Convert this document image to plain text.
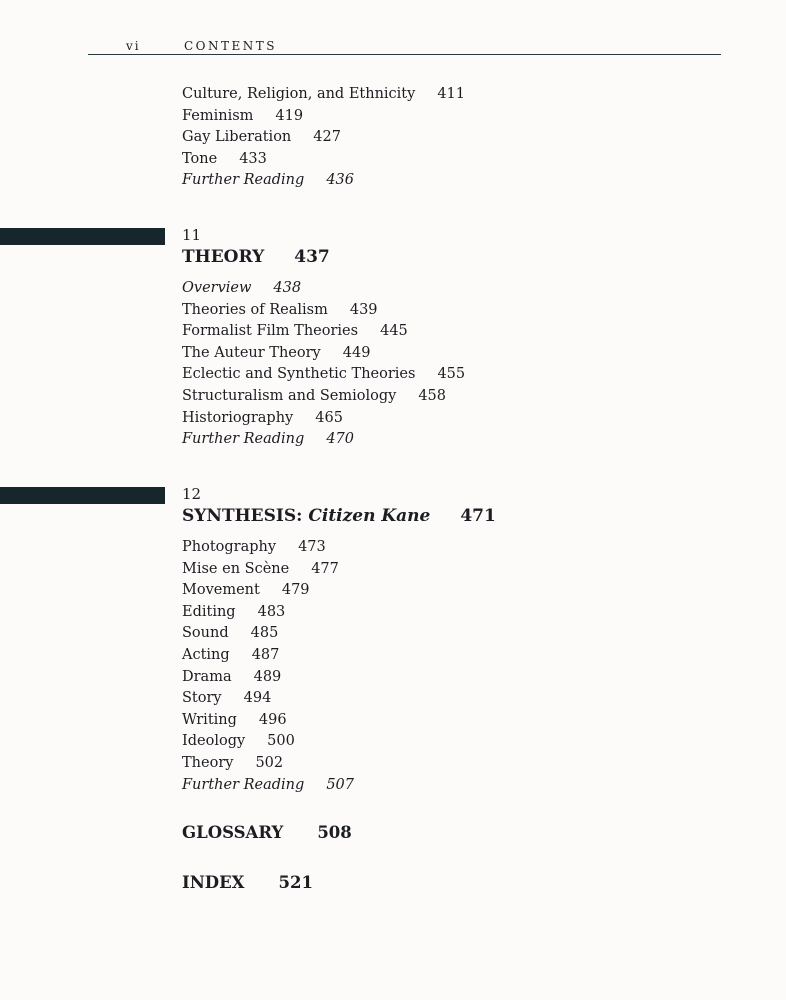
vi	CONTENTS
Culture, Religion, and Ethnicity 411
Feminism 419
Gay Liberation 427
Tone 433
Further Reading 436
11
THEORY 437
Overview 438
Theories of Realism 439
Formalist Film Theories 445
The Auteur Theory 449
Eclectic and Synthetic Theories 455
Structuralism and Semiology 458
Historiography 465
Further Reading 470
12
SYNTHESIS: Citizen Kane 471
Photography 473
Mise en Scène 477
Movement 479
Editing 483
Sound 485
Acting 487
Drama 489
Story 494
Writing 496
Ideology 500
Theory 502
Further Reading 507
GLOSSARY 508
INDEX 521
